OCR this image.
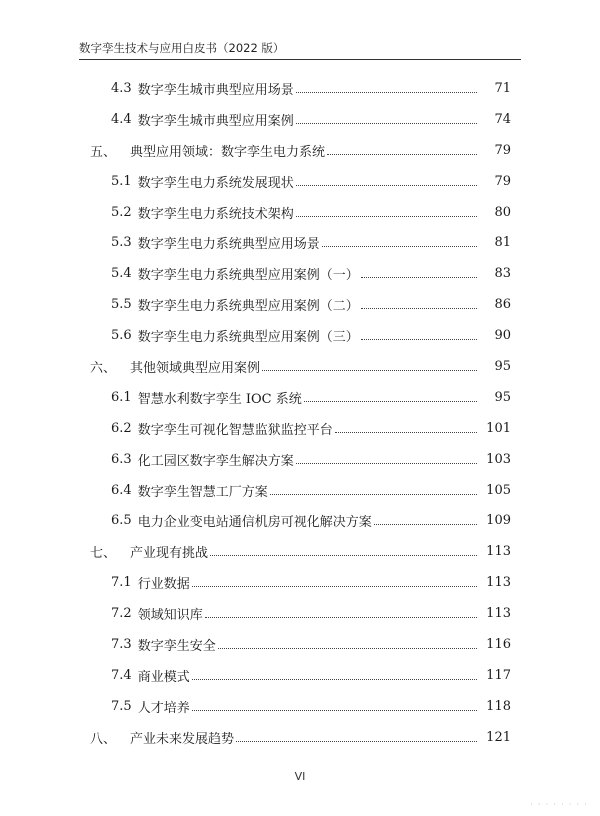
数字孪生技术与应用白皮书（2022 版）
4.3 数字孪生城市典型应用场景	71
4.4 数字孪生城市典型应用案例	74
五、 典型应用领域：数字孪生电力系统	79
5.1 数字孪生电力系统发展现状	79
5.2 数字孪生电力系统技术架构	80
5.3 数字孪生电力系统典型应用场景	81
5.4 数字孪生电力系统典型应用案例（一）	83
5.5 数字孪生电力系统典型应用案例（二）	86
5.6 数字孪生电力系统典型应用案例（三）	90
六、 其他领域典型应用案例	95
6.1 智慧水利数字孪生 IOC 系统	95
6.2 数字孪生可视化智慧监狱监控平台	101
6.3 化工园区数字孪生解决方案	103
6.4 数字孪生智慧工厂方案	105
6.5 电力企业变电站通信机房可视化解决方案	109
七、 产业现有挑战	113
7.1 行业数据	113
7.2 领域知识库	113
7.3 数字孪生安全	116
7.4 商业模式	117
7.5 人才培养	118
八、 产业未来发展趋势	121
VI
· · · · · · · ·
